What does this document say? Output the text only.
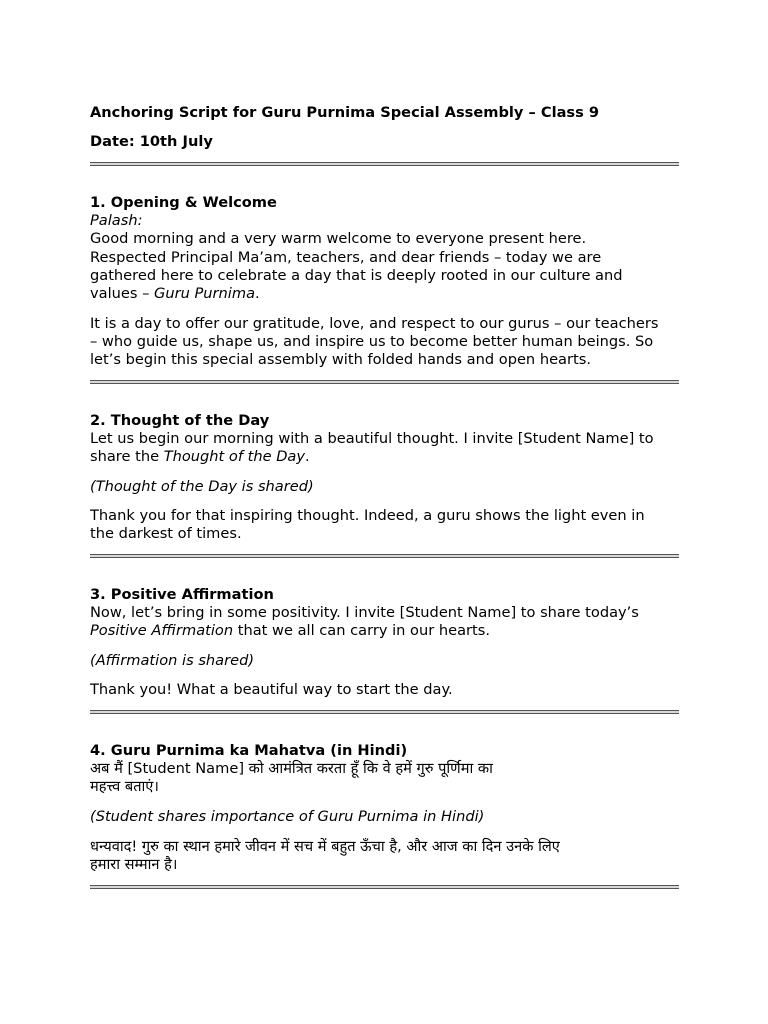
Anchoring Script for Guru Purnima Special Assembly – Class 9

Date: 10th July

1. Opening & Welcome

Palash:

Good morning and a very warm welcome to everyone present here.

Respected Principal Ma’am, teachers, and dear friends – today we are

gathered here to celebrate a day that is deeply rooted in our culture and

values – Guru Purnima.

It is a day to offer our gratitude, love, and respect to our gurus – our teachers

– who guide us, shape us, and inspire us to become better human beings. So

let’s begin this special assembly with folded hands and open hearts.

2. Thought of the Day

Let us begin our morning with a beautiful thought. I invite [Student Name] to

share the Thought of the Day.

(Thought of the Day is shared)

Thank you for that inspiring thought. Indeed, a guru shows the light even in

the darkest of times.

3. Positive Affirmation

Now, let’s bring in some positivity. I invite [Student Name] to share today’s

Positive Affirmation that we all can carry in our hearts.

(Affirmation is shared)

Thank you! What a beautiful way to start the day.

4. Guru Purnima ka Mahatva (in Hindi)

अब मैं [Student Name] को आमंत्रित करता हूँ कि वे हमें गुरु पूर्णिमा का

महत्त्व बताएं।

(Student shares importance of Guru Purnima in Hindi)

धन्यवाद! गुरु का स्थान हमारे जीवन में सच में बहुत ऊँचा है, और आज का दिन उनके लिए

हमारा सम्मान है।
